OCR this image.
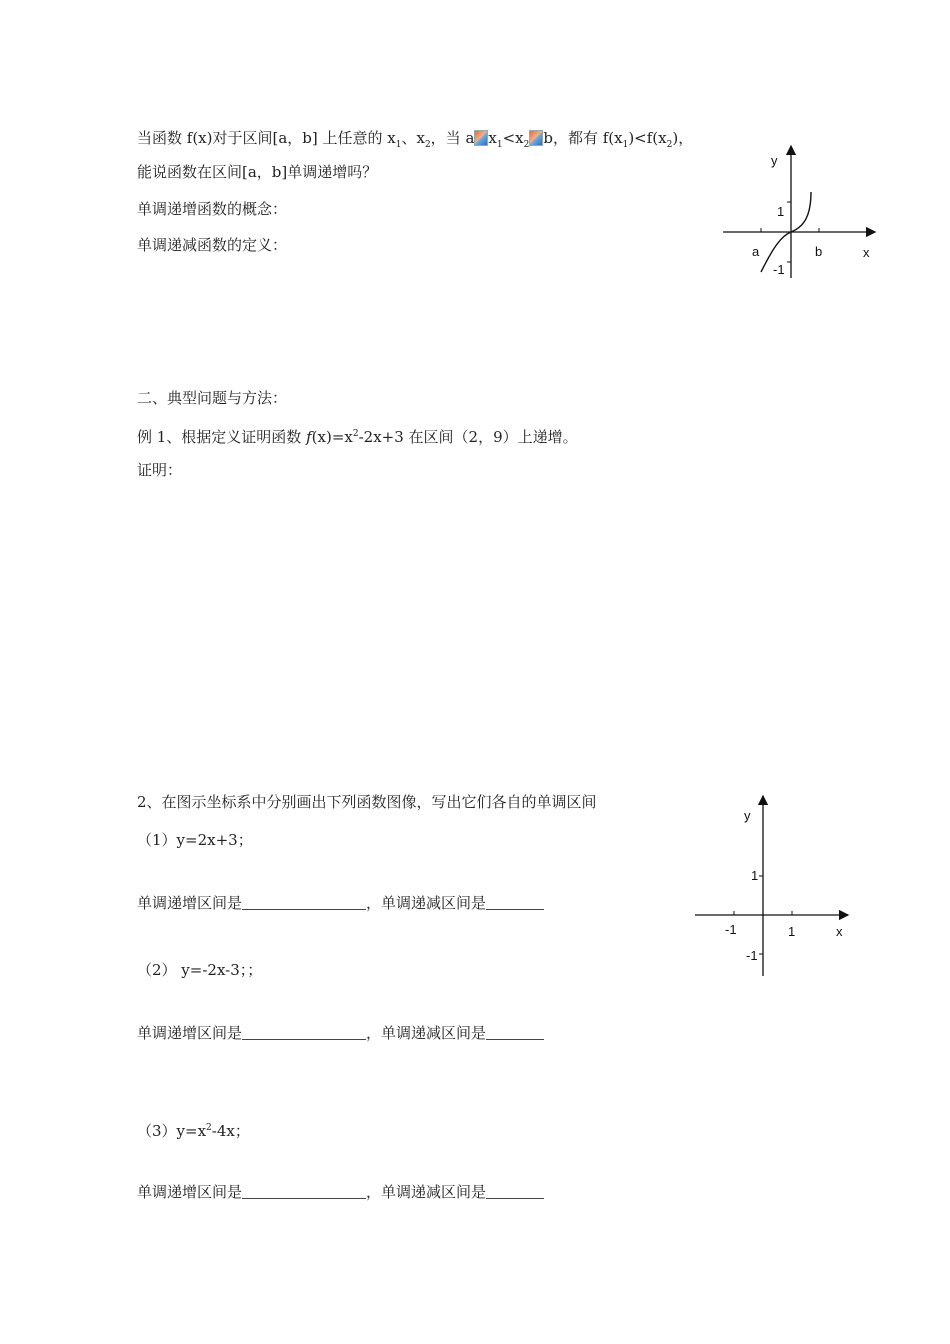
当函数 f(x)对于区间[a，b] 上任意的 $x_1$、$x_2$，当 a $x_1<x_2$ b，都有 $f(x_1)<f(x_2)$，
能说函数在区间[a，b]单调递增吗？
单调递增函数的概念：
单调递减函数的定义：
y
x
1
-1
a	b
二、典型问题与方法：
例 1、根据定义证明函数 $f(x)=x^2-2x+3$ 在区间（2，9）上递增。
证明：
2、在图示坐标系中分别画出下列函数图像，写出它们各自的单调区间
（1）y=2x+3；
单调递增区间是	，单调递减区间是
（2） y=-2x-3；；
单调递增区间是	，单调递减区间是
$(3)y=x^2-4x$；
单调递增区间是	，单调递减区间是
y
x
1
-1
-1	1
